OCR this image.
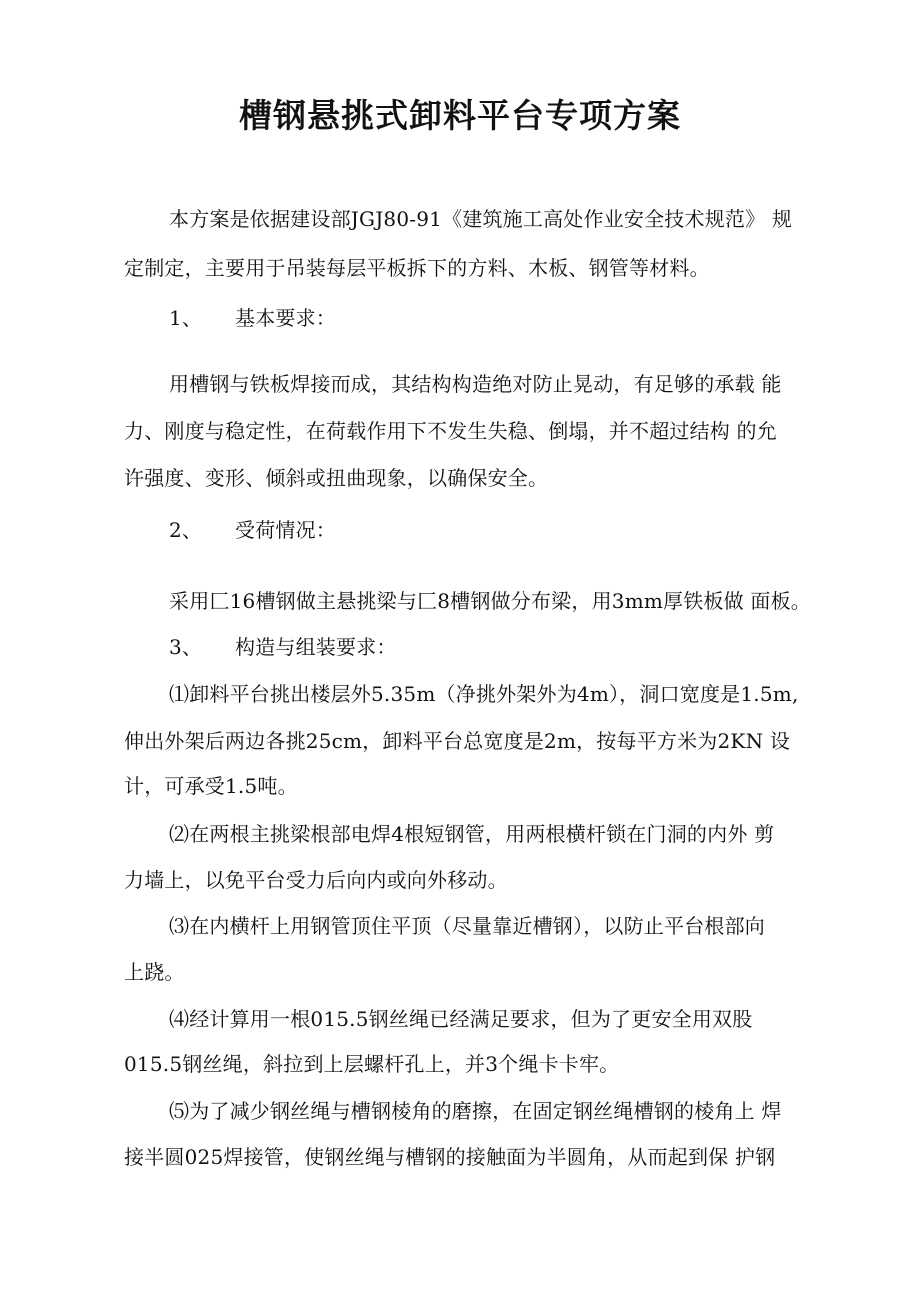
槽钢悬挑式卸料平台专项方案
本方案是依据建设部JGJ80-91《建筑施工高处作业安全技术规范》 规
定制定，主要用于吊装每层平板拆下的方料、木板、钢管等材料。
1、 基本要求：
用槽钢与铁板焊接而成，其结构构造绝对防止晃动，有足够的承载 能
力、刚度与稳定性，在荷载作用下不发生失稳、倒塌，并不超过结构 的允
许强度、变形、倾斜或扭曲现象，以确保安全。
2、 受荷情况：
采用匚16槽钢做主悬挑梁与匚8槽钢做分布梁，用3mm厚铁板做 面板。
3、 构造与组装要求：
⑴卸料平台挑出楼层外5.35m（净挑外架外为4m），洞口宽度是1.5m,
伸出外架后两边各挑25cm，卸料平台总宽度是2m，按每平方米为2KN 设
计，可承受1.5吨。
⑵在两根主挑梁根部电焊4根短钢管，用两根横杆锁在门洞的内外 剪
力墙上，以免平台受力后向内或向外移动。
⑶在内横杆上用钢管顶住平顶（尽量靠近槽钢），以防止平台根部向
上跷。
⑷经计算用一根015.5钢丝绳已经满足要求，但为了更安全用双股
015.5钢丝绳，斜拉到上层螺杆孔上，并3个绳卡卡牢。
⑸为了减少钢丝绳与槽钢棱角的磨擦，在固定钢丝绳槽钢的棱角上 焊
接半圆025焊接管，使钢丝绳与槽钢的接触面为半圆角，从而起到保 护钢
